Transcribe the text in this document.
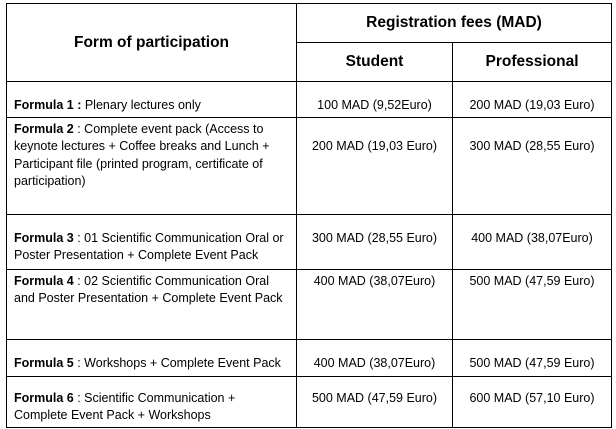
Form of participation	Registration fees (MAD)	
	Student	Professional
Formula 1 : Plenary lectures only	100 MAD (9,52Euro)	200 MAD (19,03 Euro)
Formula 2 : Complete event pack (Access to keynote lectures + Coffee breaks and Lunch + Participant file (printed program, certificate of participation)	200 MAD (19,03 Euro)	300 MAD (28,55 Euro)
Formula 3 : 01 Scientific Communication Oral or Poster Presentation + Complete Event Pack	300 MAD (28,55 Euro)	400 MAD (38,07Euro)
Formula 4 : 02 Scientific Communication Oral and Poster Presentation + Complete Event Pack	400 MAD (38,07Euro)	500 MAD (47,59 Euro)
Formula 5 : Workshops + Complete Event Pack	400 MAD (38,07Euro)	500 MAD (47,59 Euro)
Formula 6 : Scientific Communication + Complete Event Pack + Workshops	500 MAD (47,59 Euro)	600 MAD (57,10 Euro)
